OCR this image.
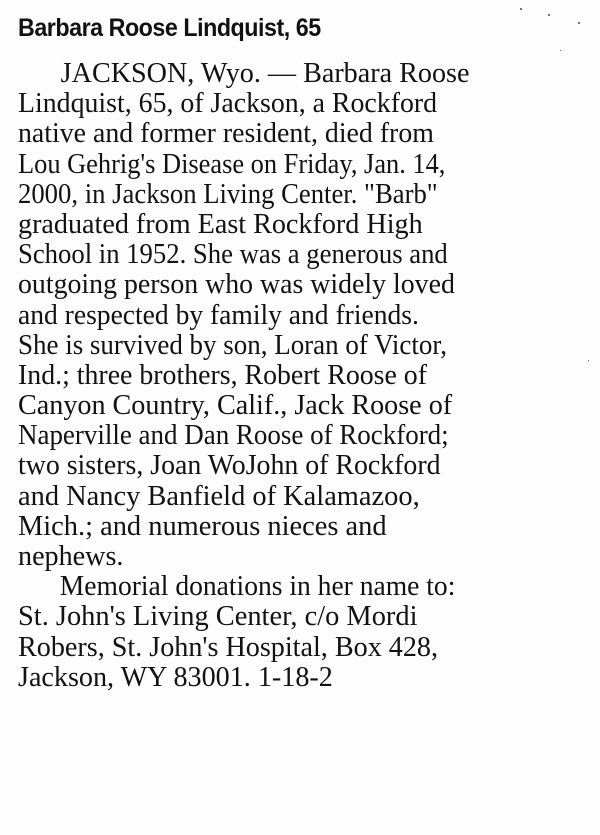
Barbara Roose Lindquist, 65
JACKSON, Wyo. — Barbara Roose
Lindquist, 65, of Jackson, a Rockford
native and former resident, died from
Lou Gehrig's Disease on Friday, Jan. 14,
2000, in Jackson Living Center. "Barb"
graduated from East Rockford High
School in 1952. She was a generous and
outgoing person who was widely loved
and respected by family and friends.
She is survived by son, Loran of Victor,
Ind.; three brothers, Robert Roose of
Canyon Country, Calif., Jack Roose of
Naperville and Dan Roose of Rockford;
two sisters, Joan WoJohn of Rockford
and Nancy Banfield of Kalamazoo,
Mich.; and numerous nieces and
nephews.
Memorial donations in her name to:
St. John's Living Center, c/o Mordi
Robers, St. John's Hospital, Box 428,
Jackson, WY 83001. 1-18-2
